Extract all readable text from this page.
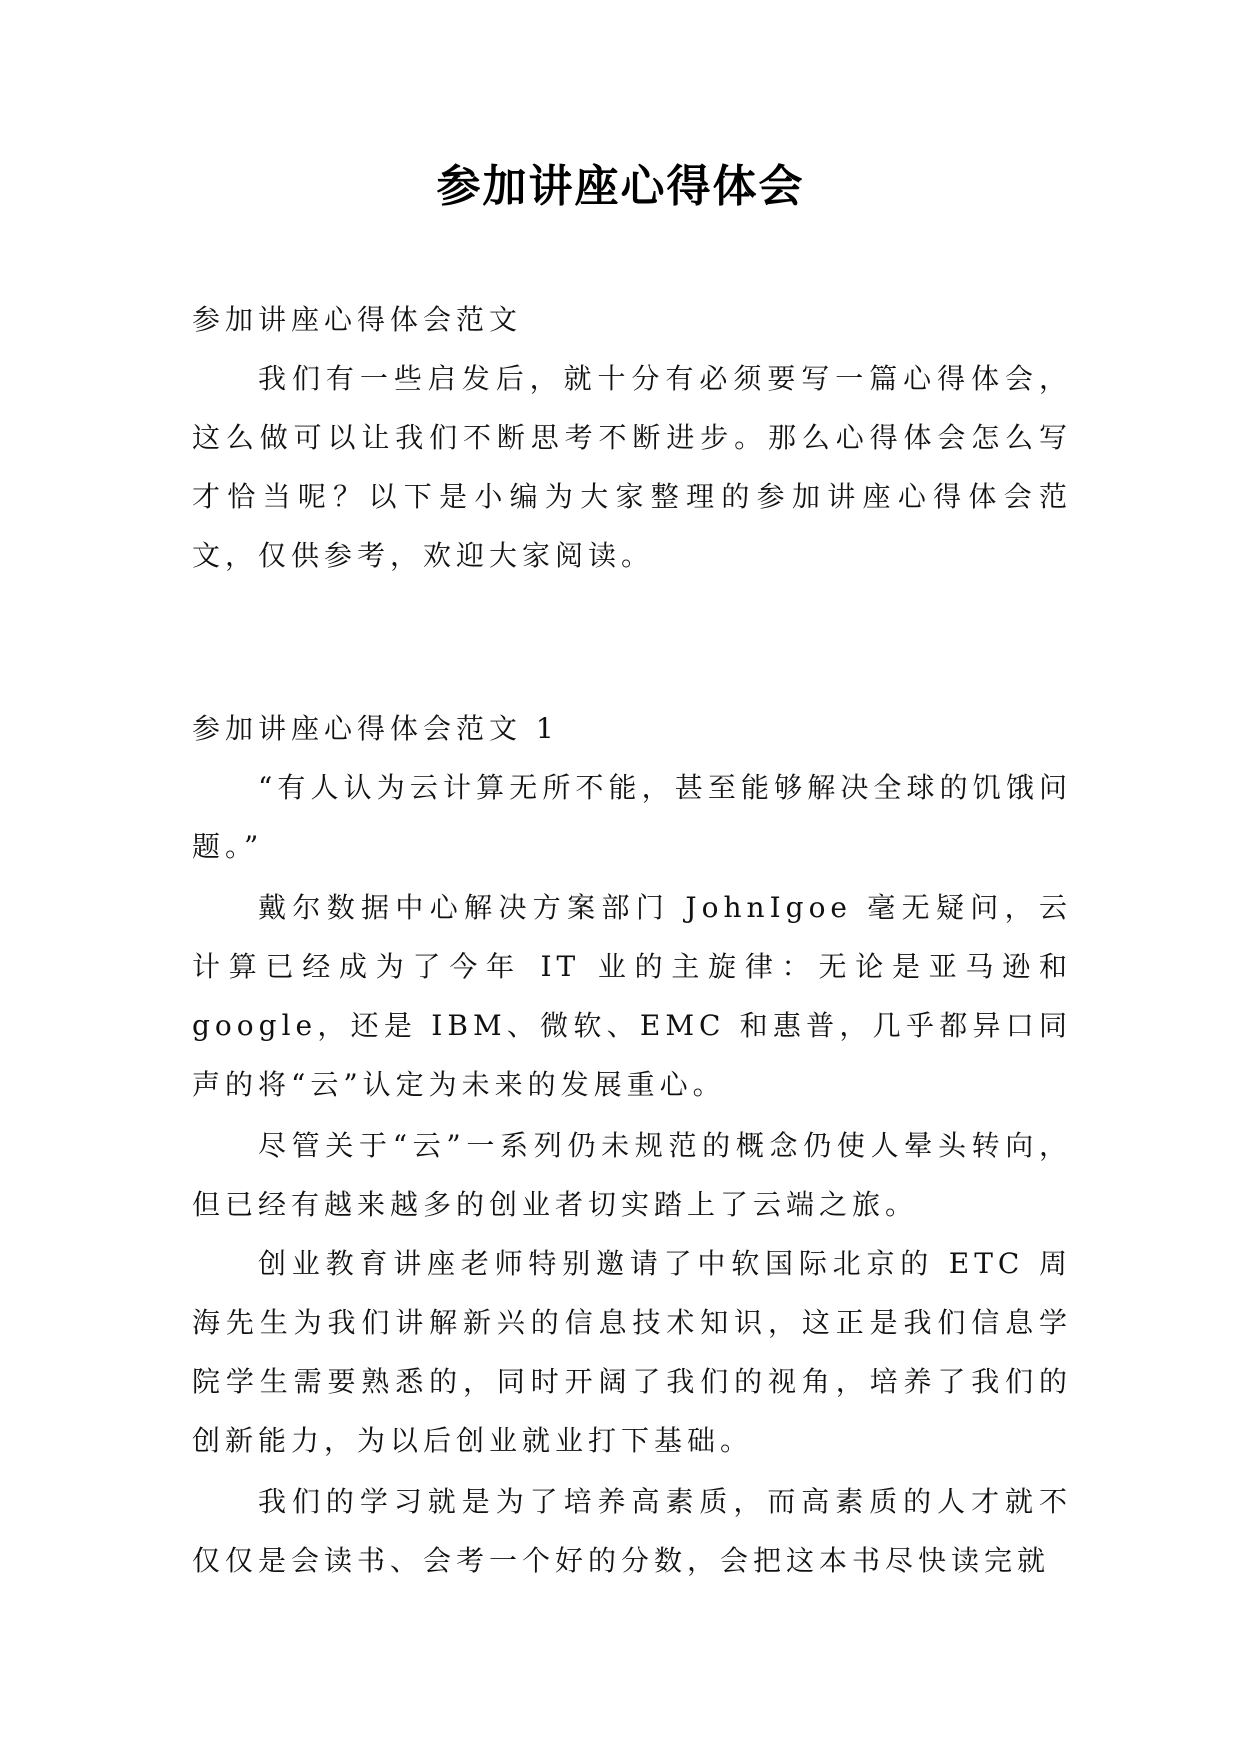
参加讲座心得体会

参加讲座心得体会范文

我们有一些启发后，就十分有必须要写一篇心得体会，这么做可以让我们不断思考不断进步。那么心得体会怎么写才恰当呢？以下是小编为大家整理的参加讲座心得体会范文，仅供参考，欢迎大家阅读。

参加讲座心得体会范文 1

“有人认为云计算无所不能，甚至能够解决全球的饥饿问题。”

戴尔数据中心解决方案部门 JohnIgoe 毫无疑问，云计算已经成为了今年 IT 业的主旋律：无论是亚马逊和 google，还是 IBM、微软、EMC 和惠普，几乎都异口同声的将“云”认定为未来的发展重心。

尽管关于“云”一系列仍未规范的概念仍使人晕头转向，但已经有越来越多的创业者切实踏上了云端之旅。

创业教育讲座老师特别邀请了中软国际北京的 ETC 周海先生为我们讲解新兴的信息技术知识，这正是我们信息学院学生需要熟悉的，同时开阔了我们的视角，培养了我们的创新能力，为以后创业就业打下基础。

我们的学习就是为了培养高素质，而高素质的人才就不仅仅是会读书、会考一个好的分数，会把这本书尽快读完就
